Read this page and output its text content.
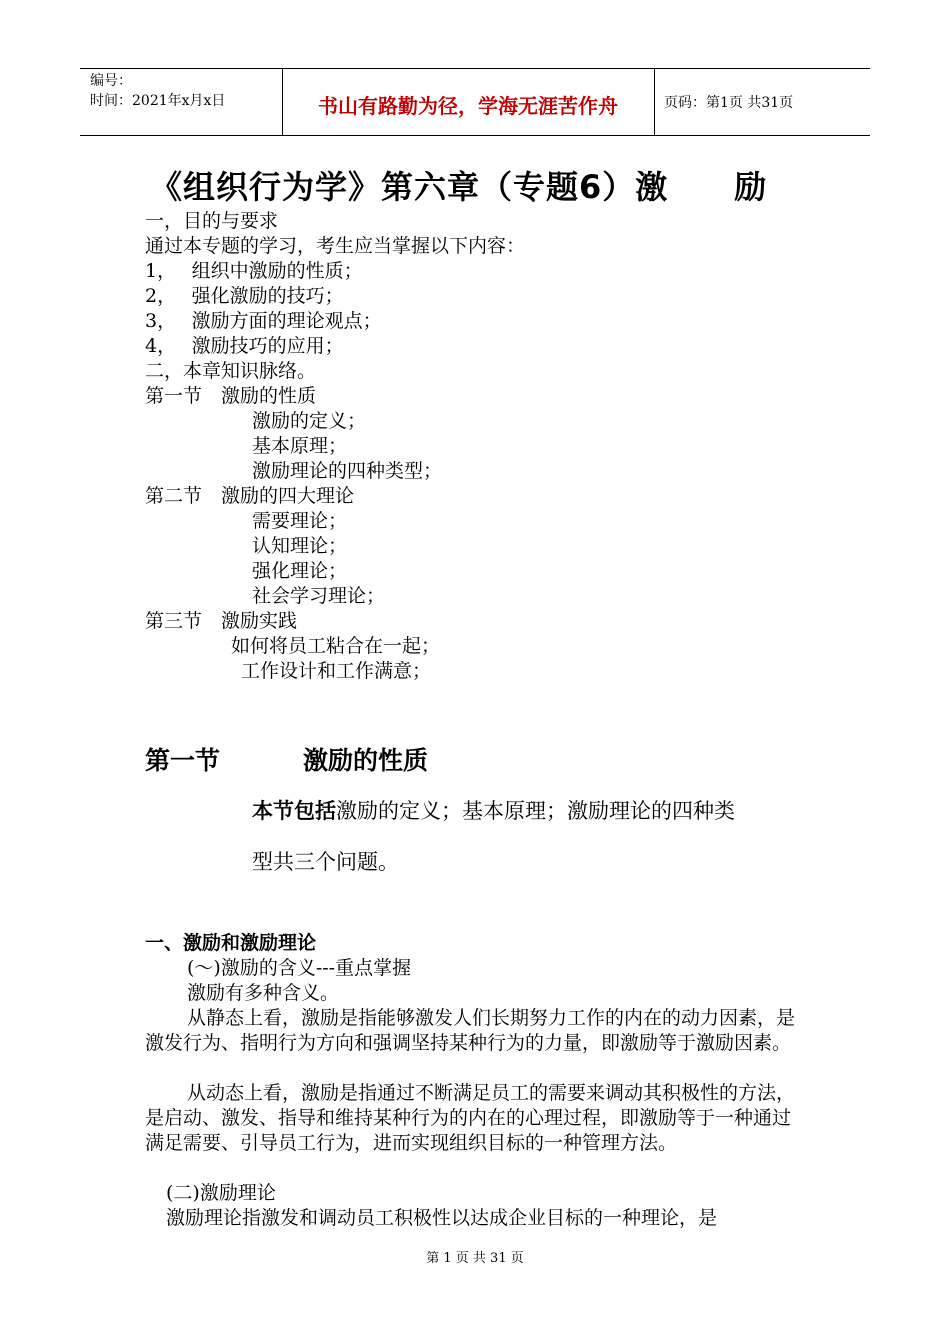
编号：
时间：2021年x月x日	书山有路勤为径，学海无涯苦作舟	页码：第1页 共31页
《组织行为学》第六章（专题6）激　　励
一，目的与要求
通过本专题的学习，考生应当掌握以下内容：
1，　 组织中激励的性质；
2，　 强化激励的技巧；
3，　 激励方面的理论观点；
4，　 激励技巧的应用；
二，本章知识脉络。
第一节　激励的性质
激励的定义；
基本原理；
激励理论的四种类型；
第二节　激励的四大理论
需要理论；
认知理论；
强化理论；
社会学习理论；
第三节　激励实践
如何将员工粘合在一起；
工作设计和工作满意；
第一节	激励的性质
本节包括激励的定义；基本原理；激励理论的四种类
型共三个问题。
一、激励和激励理论
(～)激励的含义---重点掌握
激励有多种含义。
从静态上看，激励是指能够激发人们长期努力工作的内在的动力因素，是激发行为、指明行为方向和强调坚持某种行为的力量，即激励等于激励因素。
从动态上看，激励是指通过不断满足员工的需要来调动其积极性的方法，是启动、激发、指导和维持某种行为的内在的心理过程，即激励等于一种通过满足需要、引导员工行为，进而实现组织目标的一种管理方法。
(二)激励理论
激励理论指激发和调动员工积极性以达成企业目标的一种理论，是
第 1 页 共 31 页
